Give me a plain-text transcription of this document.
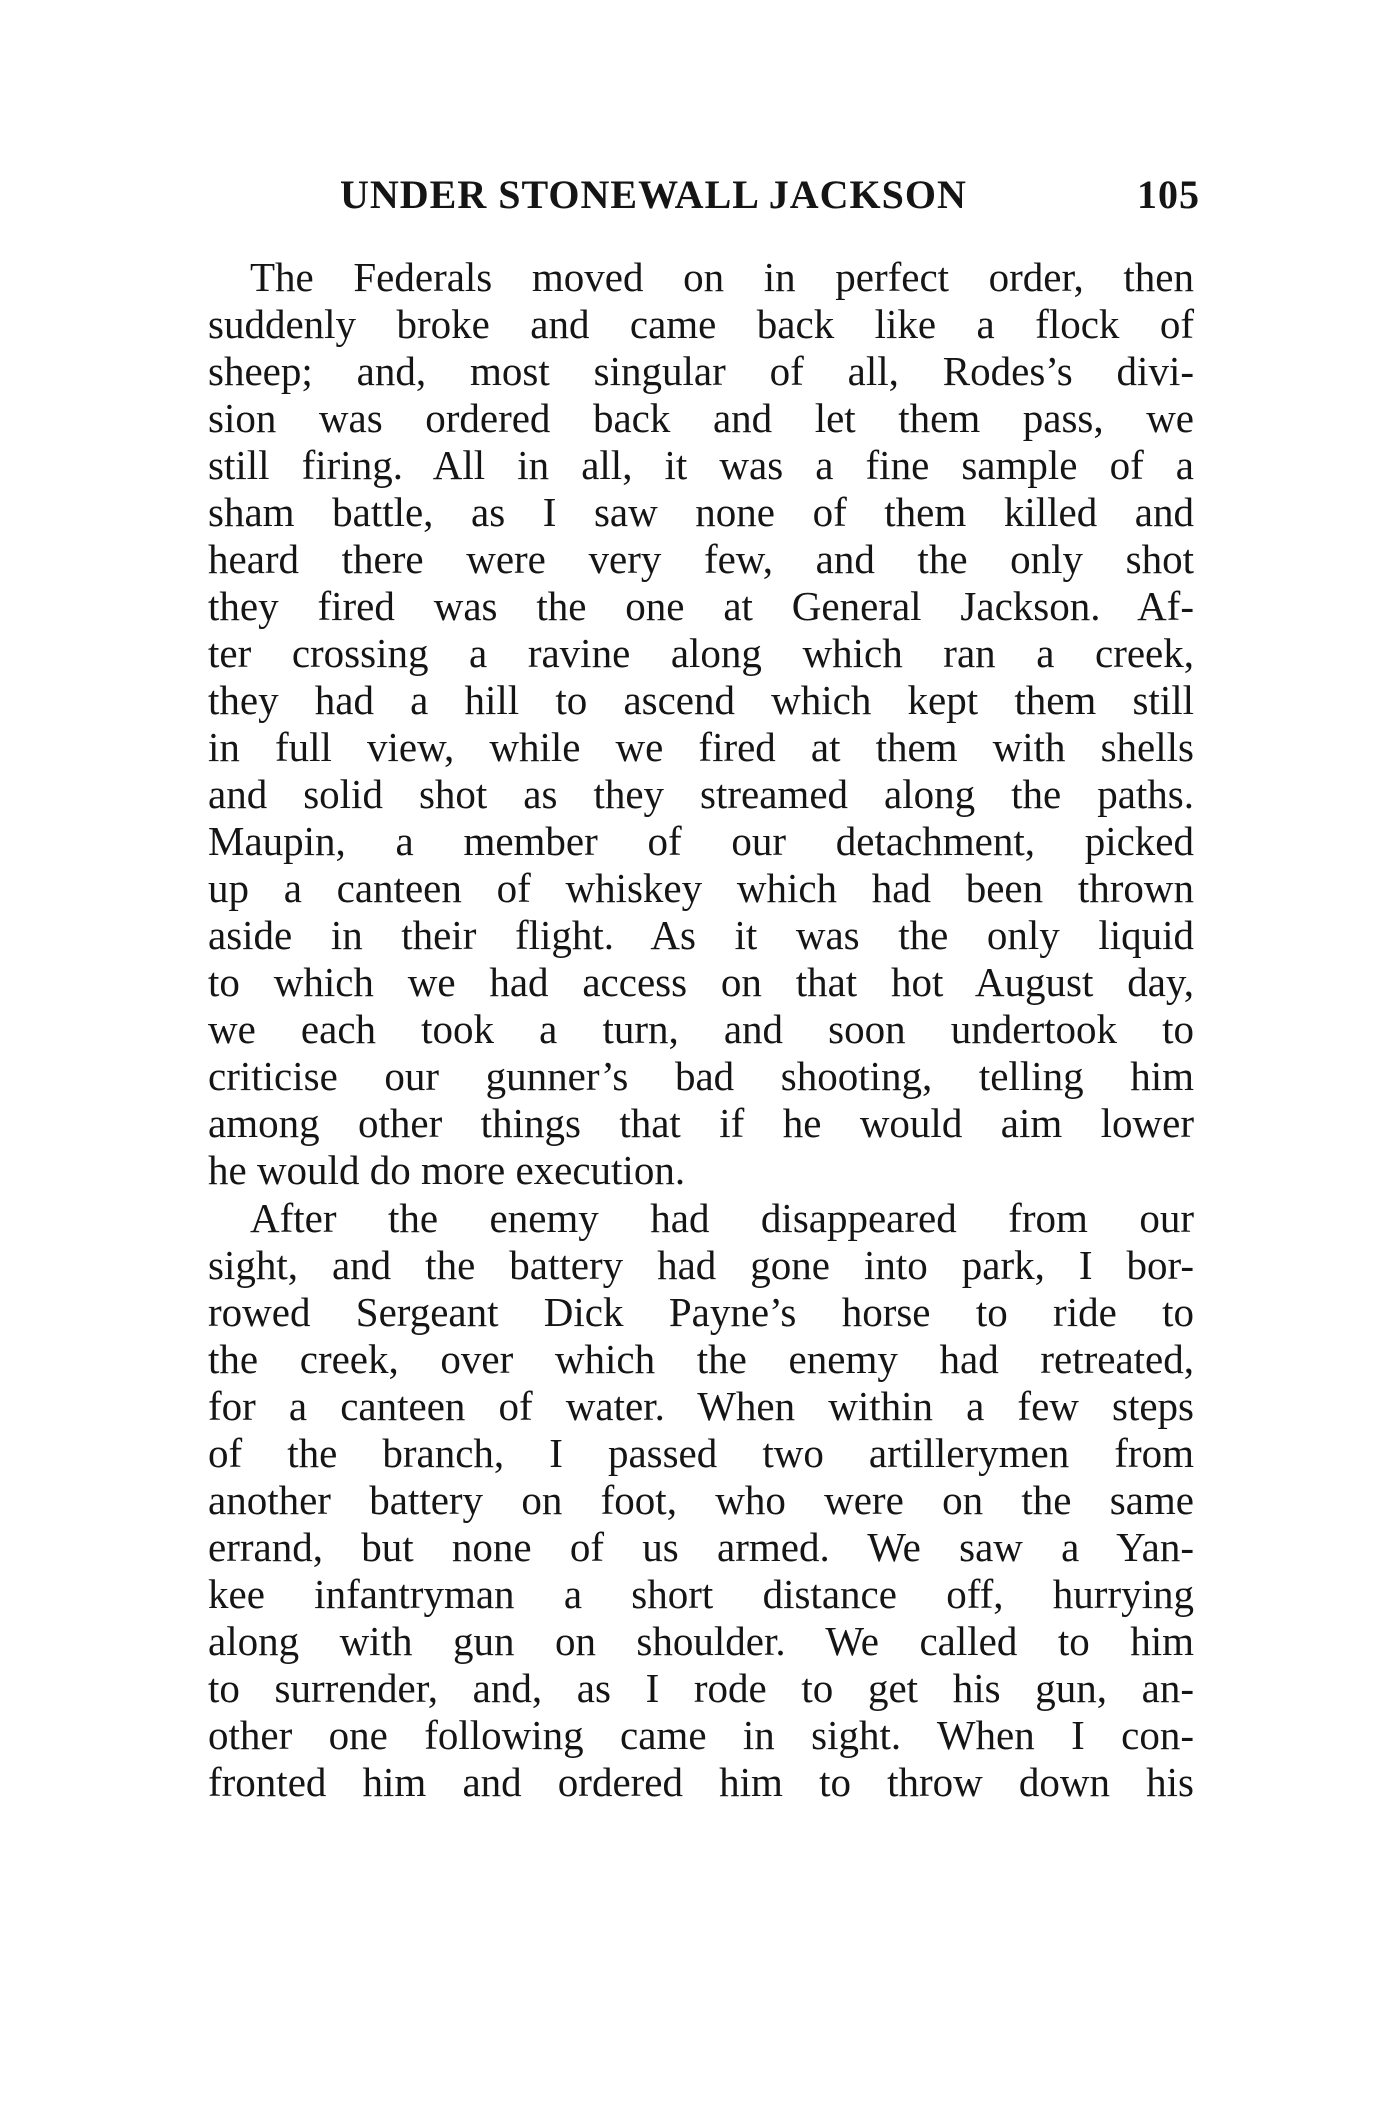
UNDER STONEWALL JACKSON	105
The Federals moved on in perfect order, then
suddenly broke and came back like a flock of
sheep; and, most singular of all, Rodes’s divi-
sion was ordered back and let them pass, we
still firing. All in all, it was a fine sample of a
sham battle, as I saw none of them killed and
heard there were very few, and the only shot
they fired was the one at General Jackson. Af-
ter crossing a ravine along which ran a creek,
they had a hill to ascend which kept them still
in full view, while we fired at them with shells
and solid shot as they streamed along the paths.
Maupin, a member of our detachment, picked
up a canteen of whiskey which had been thrown
aside in their flight. As it was the only liquid
to which we had access on that hot August day,
we each took a turn, and soon undertook to
criticise our gunner’s bad shooting, telling him
among other things that if he would aim lower
he would do more execution.
After the enemy had disappeared from our
sight, and the battery had gone into park, I bor-
rowed Sergeant Dick Payne’s horse to ride to
the creek, over which the enemy had retreated,
for a canteen of water. When within a few steps
of the branch, I passed two artillerymen from
another battery on foot, who were on the same
errand, but none of us armed. We saw a Yan-
kee infantryman a short distance off, hurrying
along with gun on shoulder. We called to him
to surrender, and, as I rode to get his gun, an-
other one following came in sight. When I con-
fronted him and ordered him to throw down his
